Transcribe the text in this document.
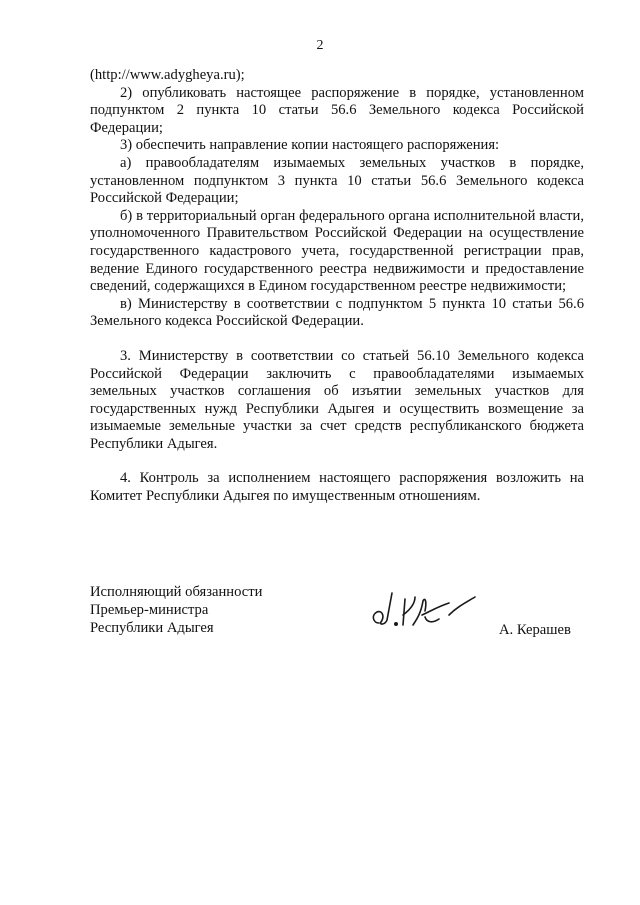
2

(http://www.adygheya.ru);

2) опубликовать настоящее распоряжение в порядке, установленном подпунктом 2 пункта 10 статьи 56.6 Земельного кодекса Российской Федерации;

3) обеспечить направление копии настоящего распоряжения:

а) правообладателям изымаемых земельных участков в порядке, установленном подпунктом 3 пункта 10 статьи 56.6 Земельного кодекса Российской Федерации;

б) в территориальный орган федерального органа исполнительной власти, уполномоченного Правительством Российской Федерации на осуществление государственного кадастрового учета, государственной регистрации прав, ведение Единого государственного реестра недвижимости и предоставление сведений, содержащихся в Едином государственном реестре недвижимости;

в) Министерству в соответствии с подпунктом 5 пункта 10 статьи 56.6 Земельного кодекса Российской Федерации.

3. Министерству в соответствии со статьей 56.10 Земельного кодекса Российской Федерации заключить с правообладателями изымаемых земельных участков соглашения об изъятии земельных участков для государственных нужд Республики Адыгея и осуществить возмещение за изымаемые земельные участки за счет средств республиканского бюджета Республики Адыгея.

4. Контроль за исполнением настоящего распоряжения возложить на Комитет Республики Адыгея по имущественным отношениям.

Исполняющий обязанности
Премьер-министра
Республики Адыгея	А. Керашев
